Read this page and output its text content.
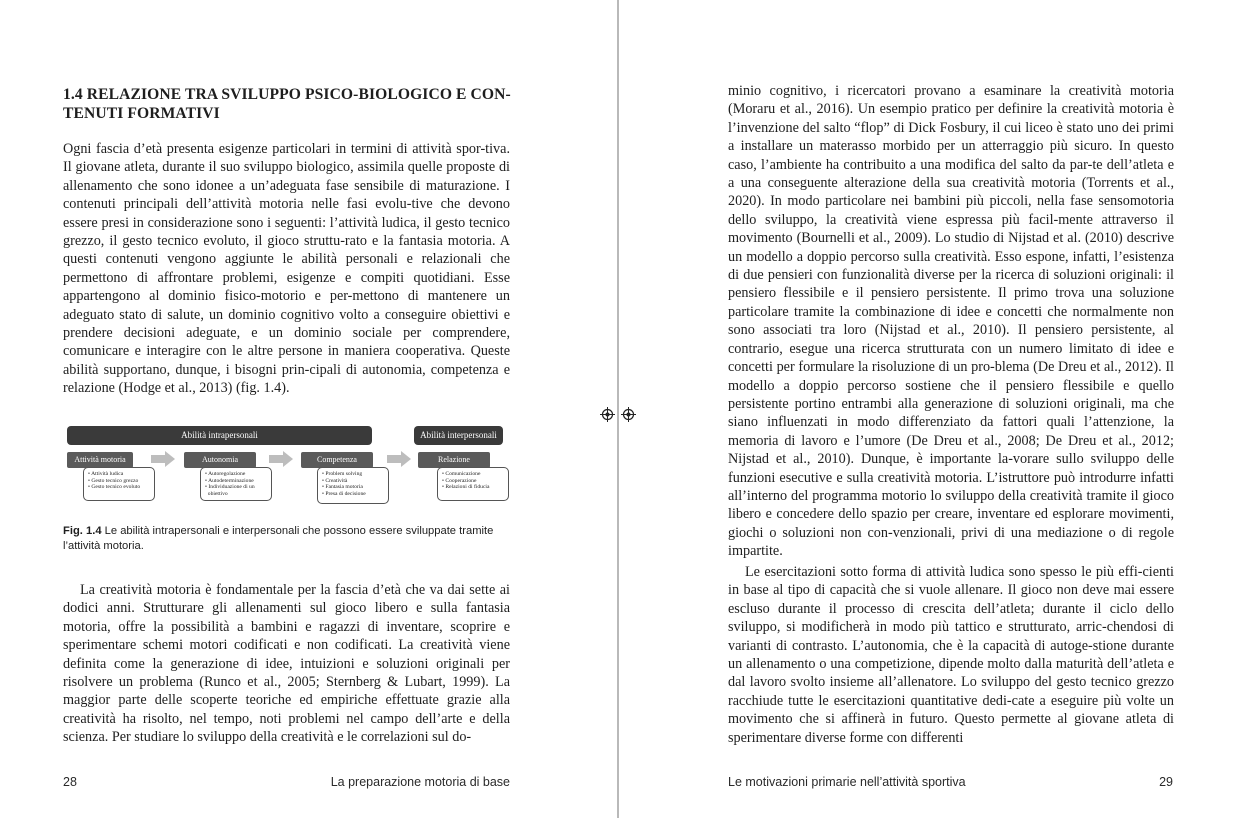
1.4 RELAZIONE TRA SVILUPPO PSICO-BIOLOGICO E CON-TENUTI FORMATIVI

Ogni fascia d’età presenta esigenze particolari in termini di attività spor-tiva. Il giovane atleta, durante il suo sviluppo biologico, assimila quelle proposte di allenamento che sono idonee a un’adeguata fase sensibile di maturazione. I contenuti principali dell’attività motoria nelle fasi evolu-tive che devono essere presi in considerazione sono i seguenti: l’attività ludica, il gesto tecnico grezzo, il gesto tecnico evoluto, il gioco struttu-rato e la fantasia motoria. A questi contenuti vengono aggiunte le abilità personali e relazionali che permettono di affrontare problemi, esigenze e compiti quotidiani. Esse appartengono al dominio fisico-motorio e per-mettono di mantenere un adeguato stato di salute, un dominio cognitivo volto a conseguire obiettivi e prendere decisioni adeguate, e un dominio sociale per comprendere, comunicare e interagire con le altre persone in maniera cooperativa. Queste abilità supportano, dunque, i bisogni prin-cipali di autonomia, competenza e relazione (Hodge et al., 2013) (fig. 1.4).

Abilità intrapersonali	Abilità interpersonali
Attività motoria
• Attività ludica
• Gesto tecnico grezzo
• Gesto tecnico evoluto
Autonomia
• Autoregolazione
• Autodeterminazione
• Individuazione di un
obiettivo
Competenza
• Problem solving
• Creatività
• Fantasia motoria
• Presa di decisione
Relazione
• Comunicazione
• Cooperazione
• Relazioni di fiducia
Fig. 1.4 Le abilità intrapersonali e interpersonali che possono essere sviluppate tramite l’attività motoria.

La creatività motoria è fondamentale per la fascia d’età che va dai sette ai dodici anni. Strutturare gli allenamenti sul gioco libero e sulla fantasia motoria, offre la possibilità a bambini e ragazzi di inventare, scoprire e sperimentare schemi motori codificati e non codificati. La creatività viene definita come la generazione di idee, intuizioni e soluzioni originali per risolvere un problema (Runco et al., 2005; Sternberg & Lubart, 1999). La maggior parte delle scoperte teoriche ed empiriche effettuate grazie alla creatività ha risolto, nel tempo, noti problemi nel campo dell’arte e della scienza. Per studiare lo sviluppo della creatività e le correlazioni sul do-

28	La preparazione motoria di base

minio cognitivo, i ricercatori provano a esaminare la creatività motoria (Moraru et al., 2016). Un esempio pratico per definire la creatività motoria è l’invenzione del salto “flop” di Dick Fosbury, il cui liceo è stato uno dei primi a installare un materasso morbido per un atterraggio più sicuro. In questo caso, l’ambiente ha contribuito a una modifica del salto da par-te dell’atleta e a una conseguente alterazione della sua creatività motoria (Torrents et al., 2020). In modo particolare nei bambini più piccoli, nella fase sensomotoria dello sviluppo, la creatività viene espressa più facil-mente attraverso il movimento (Bournelli et al., 2009). Lo studio di Nijstad et al. (2010) descrive un modello a doppio percorso sulla creatività. Esso espone, infatti, l’esistenza di due pensieri con funzionalità diverse per la ricerca di soluzioni originali: il pensiero flessibile e il pensiero persistente. Il primo trova una soluzione particolare tramite la combinazione di idee e concetti che normalmente non sono associati tra loro (Nijstad et al., 2010). Il pensiero persistente, al contrario, esegue una ricerca strutturata con un numero limitato di idee e concetti per formulare la risoluzione di un pro-blema (De Dreu et al., 2012). Il modello a doppio percorso sostiene che il pensiero flessibile e quello persistente portino entrambi alla generazione di soluzioni originali, ma che siano influenzati in modo differenziato da fattori quali l’attenzione, la memoria di lavoro e l’umore (De Dreu et al., 2008; De Dreu et al., 2012; Nijstad et al., 2010). Dunque, è importante la-vorare sullo sviluppo delle funzioni esecutive e sulla creatività motoria. L’istruttore può introdurre infatti all’interno del programma motorio lo sviluppo della creatività tramite il gioco libero e concedere dello spazio per creare, inventare ed esplorare movimenti, giochi o soluzioni non con-venzionali, privi di una mediazione o di regole impartite.

Le esercitazioni sotto forma di attività ludica sono spesso le più effi-cienti in base al tipo di capacità che si vuole allenare. Il gioco non deve mai essere escluso durante il processo di crescita dell’atleta; durante il ciclo dello sviluppo, si modificherà in modo più tattico e strutturato, arric-chendosi di varianti di contrasto. L’autonomia, che è la capacità di autoge-stione durante un allenamento o una competizione, dipende molto dalla maturità dell’atleta e dal lavoro svolto insieme all’allenatore. Lo sviluppo del gesto tecnico grezzo racchiude tutte le esercitazioni quantitative dedi-cate a eseguire più volte un movimento che si affinerà in futuro. Questo permette al giovane atleta di sperimentare diverse forme con differenti

Le motivazioni primarie nell’attività sportiva	29
